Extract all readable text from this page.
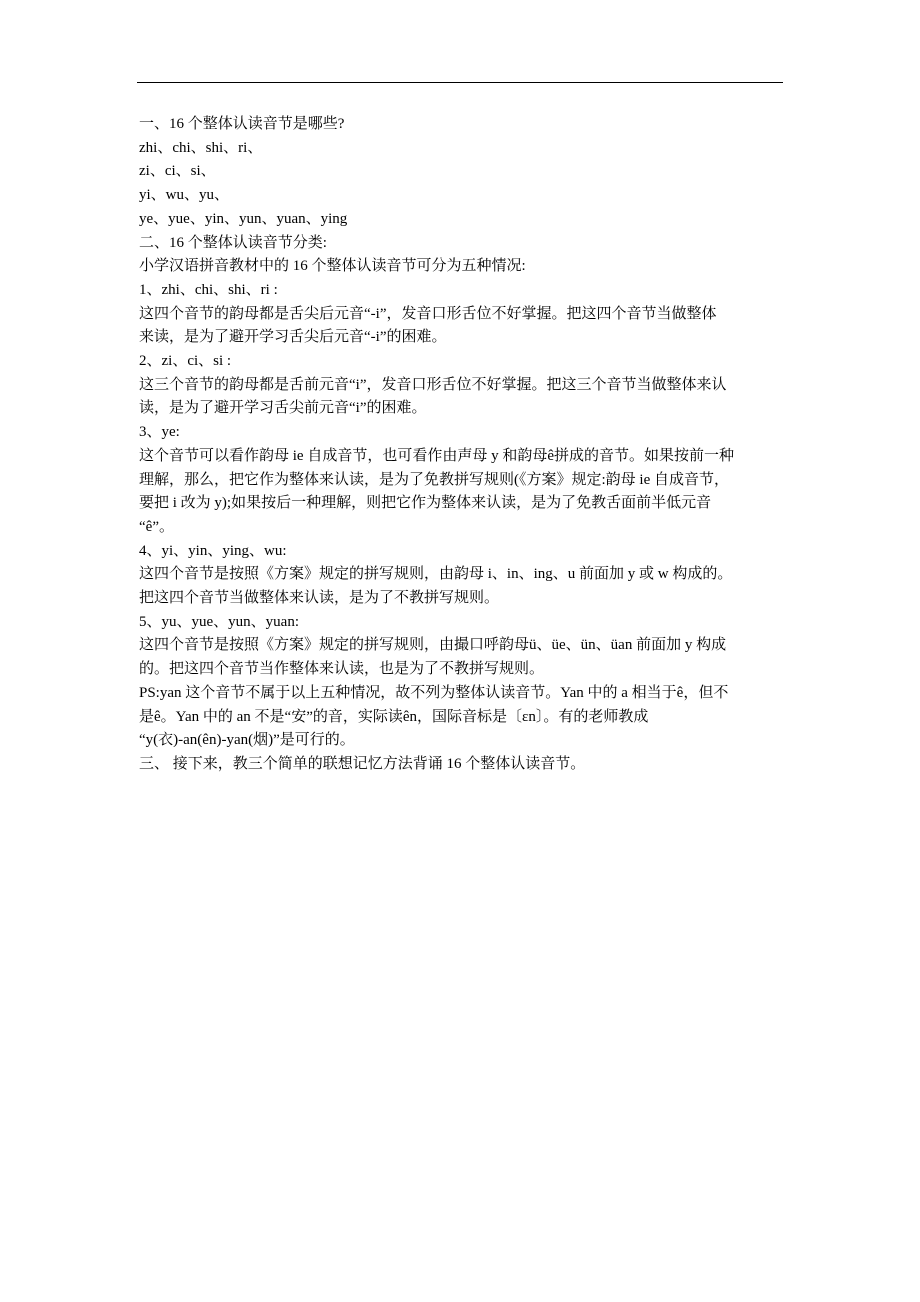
一、16 个整体认读音节是哪些?
zhi、chi、shi、ri、
zi、ci、si、
yi、wu、yu、
ye、yue、yin、yun、yuan、ying
二、16 个整体认读音节分类:
小学汉语拼音教材中的 16 个整体认读音节可分为五种情况:
1、zhi、chi、shi、ri :
这四个音节的韵母都是舌尖后元音“-i”，发音口形舌位不好掌握。把这四个音节当做整体
来读，是为了避开学习舌尖后元音“-i”的困难。
2、zi、ci、si :
这三个音节的韵母都是舌前元音“i”，发音口形舌位不好掌握。把这三个音节当做整体来认
读，是为了避开学习舌尖前元音“i”的困难。
3、ye:
这个音节可以看作韵母 ie 自成音节，也可看作由声母 y 和韵母ê拼成的音节。如果按前一种
理解，那么，把它作为整体来认读，是为了免教拼写规则(《方案》规定:韵母 ie 自成音节，
要把 i 改为 y);如果按后一种理解，则把它作为整体来认读，是为了免教舌面前半低元音
“ê”。
4、yi、yin、ying、wu:
这四个音节是按照《方案》规定的拼写规则，由韵母 i、in、ing、u 前面加 y 或 w 构成的。
把这四个音节当做整体来认读，是为了不教拼写规则。
5、yu、yue、yun、yuan:
这四个音节是按照《方案》规定的拼写规则，由撮口呼韵母ü、üe、ün、üan 前面加 y 构成
的。把这四个音节当作整体来认读，也是为了不教拼写规则。
PS:yan 这个音节不属于以上五种情况，故不列为整体认读音节。Yan 中的 a 相当于ê，但不
是ê。Yan 中的 an 不是“安”的音，实际读ên，国际音标是〔ɛn〕。有的老师教成
“y(衣)-an(ên)-yan(烟)”是可行的。
三、 接下来，教三个简单的联想记忆方法背诵 16 个整体认读音节。
